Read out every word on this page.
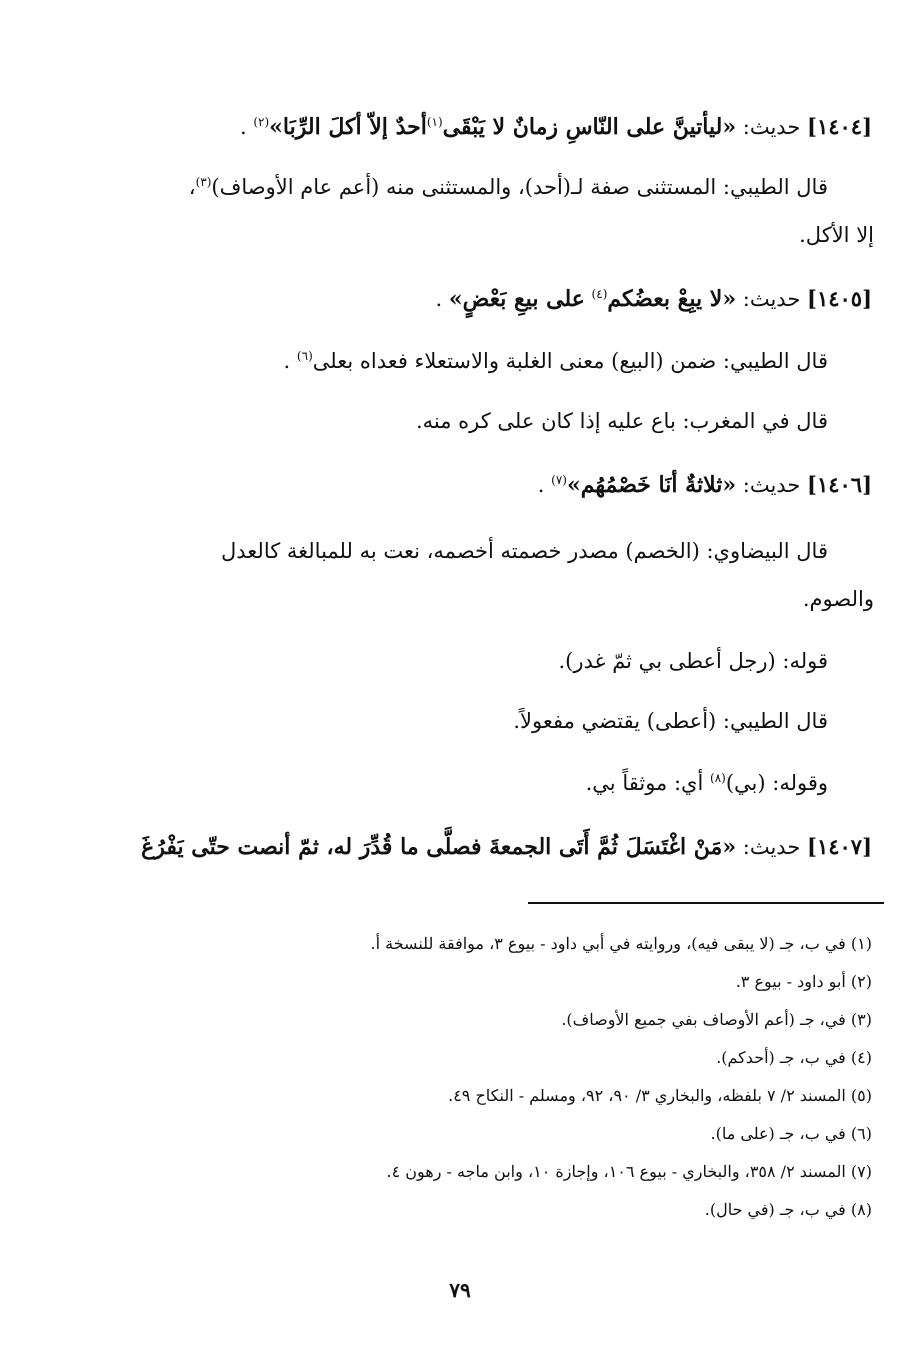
[١٤٠٤] حديث: «ليأتينَّ على النّاسِ زمانٌ لا يَبْقَى$^{(١)}$أحدٌ إلاّ أكلَ الرِّبَا»$^{(٢)}$ .
قال الطيبي: المستثنى صفة لـ(أحد)، والمستثنى منه (أعم عام الأوصاف)$^{(٣)}$،
إلا الأكل.
[١٤٠٥] حديث: «لا يبِعْ بعضُكم$^{(٤)}$ على بيعِ بَعْضٍ» .
قال الطيبي: ضمن (البيع) معنى الغلبة والاستعلاء فعداه بعلى$^{(٦)}$ .
قال في المغرب: باع عليه إذا كان على كره منه.
[١٤٠٦] حديث: «ثلاثةٌ أنَا خَصْمُهُم»$^{(٧)}$ .
قال البيضاوي: (الخصم) مصدر خصمته أخصمه، نعت به للمبالغة كالعدل
والصوم.
قوله: (رجل أعطى بي ثمّ غدر).
قال الطيبي: (أعطى) يقتضي مفعولاً.
وقوله: (بي)$^{(٨)}$ أي: موثقاً بي.
[١٤٠٧] حديث: «مَنْ اغْتَسَلَ ثُمَّ أَتَى الجمعةَ فصلَّى ما قُدِّرَ له، ثمّ أنصت حتّى يَفْرُغَ
(١) في ب، جـ (لا يبقى فيه)، وروايته في أبي داود - بيوع ٣، موافقة للنسخة أ.
(٢) أبو داود - بيوع ٣.
(٣) في، جـ (أعم الأوصاف بفي جميع الأوصاف).
(٤) في ب، جـ (أحدكم).
(٥) المسند ٢/ ٧ بلفظه، والبخاري ٣/ ٩٠، ٩٢، ومسلم - النكاح ٤٩.
(٦) في ب، جـ (على ما).
(٧) المسند ٢/ ٣٥٨، والبخاري - بيوع ١٠٦، وإجازة ١٠، وابن ماجه - رهون ٤.
(٨) في ب، جـ (في حال).
٧٩
